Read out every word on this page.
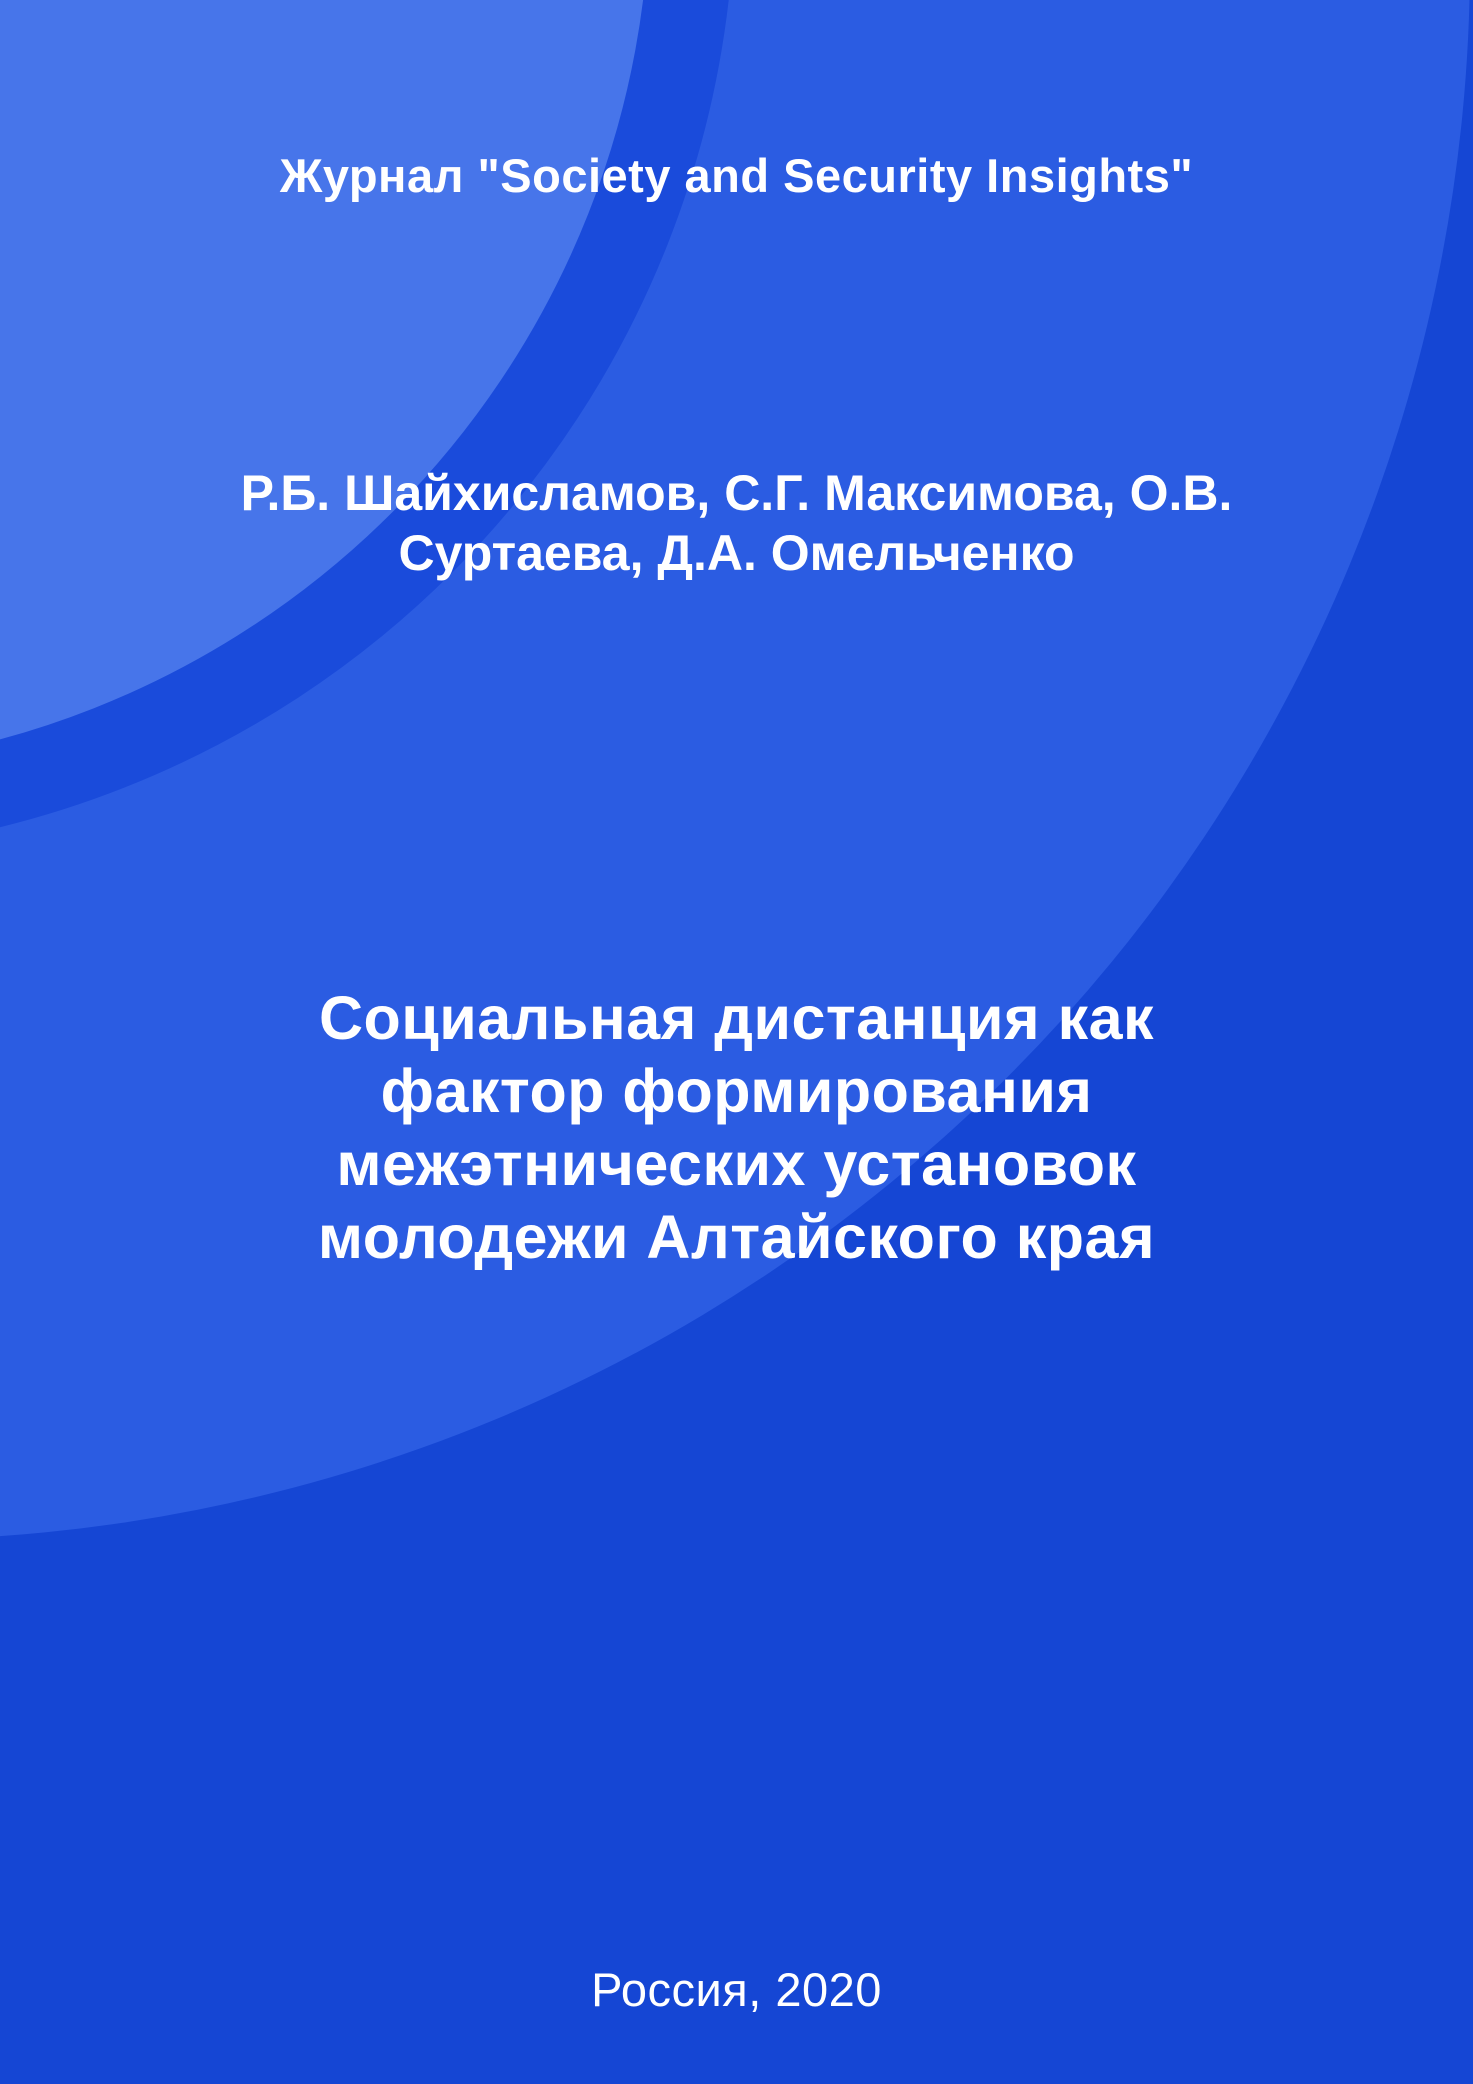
Журнал "Society and Security Insights"
Р.Б. Шайхисламов, С.Г. Максимова, О.В.
Суртаева, Д.А. Омельченко
Социальная дистанция как
фактор формирования
межэтнических установок
молодежи Алтайского края
Россия, 2020
